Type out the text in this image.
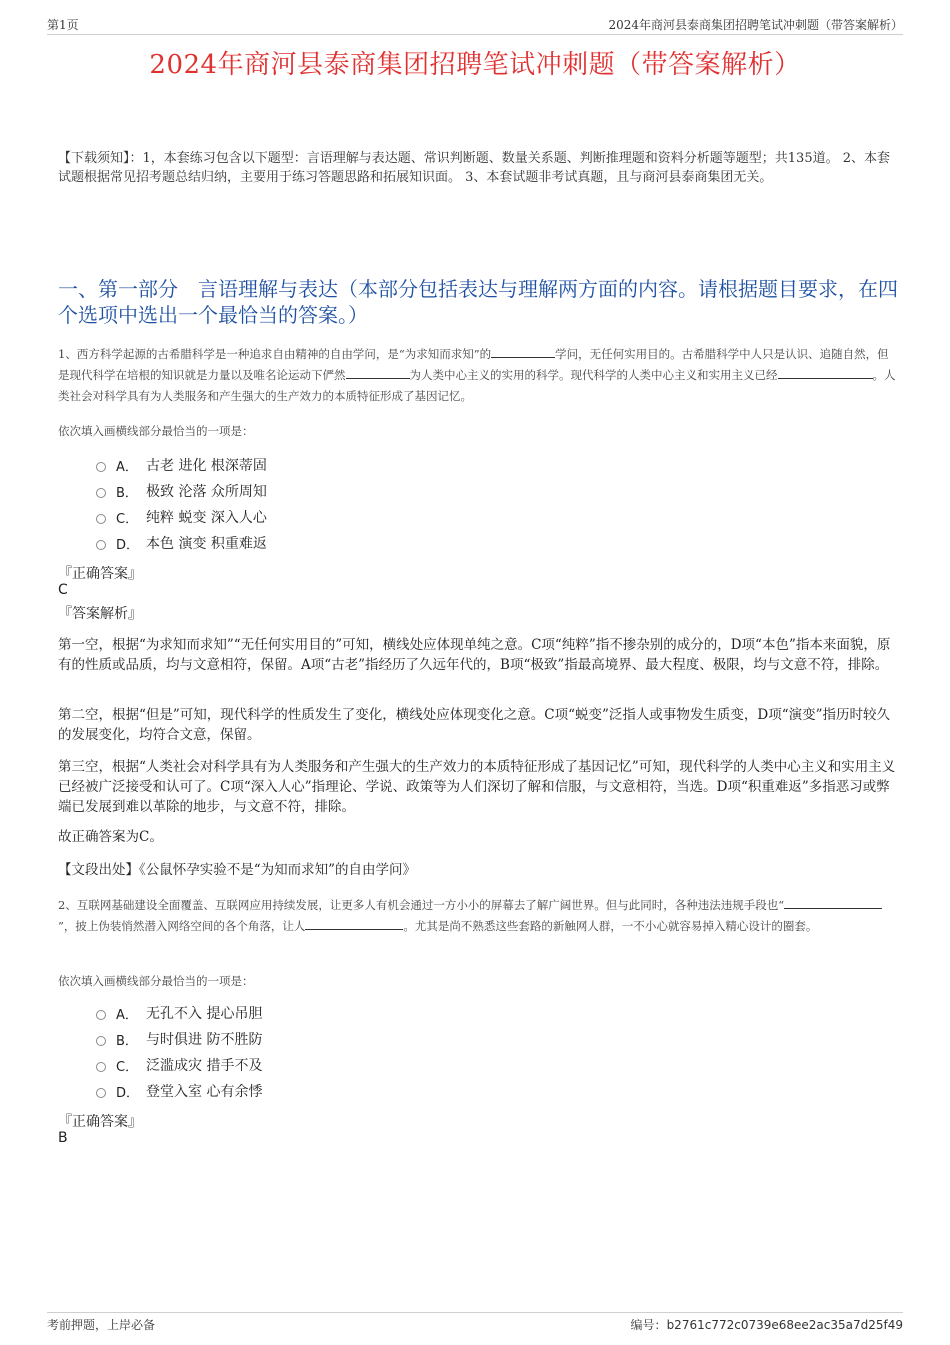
第1页	2024年商河县泰商集团招聘笔试冲刺题（带答案解析）
2024年商河县泰商集团招聘笔试冲刺题（带答案解析）
【下载须知】：1，本套练习包含以下题型：言语理解与表达题、常识判断题、数量关系题、判断推理题和资料分析题等题型；共135道。 2、本套试题根据常见招考题总结归纳，主要用于练习答题思路和拓展知识面。 3、本套试题非考试真题，且与商河县泰商集团无关。
一、第一部分　言语理解与表达（本部分包括表达与理解两方面的内容。请根据题目要求，在四个选项中选出一个最恰当的答案。）
1、西方科学起源的古希腊科学是一种追求自由精神的自由学问，是“为求知而求知”的	学问，无任何实用目的。古希腊科学中人只是认识、追随自然，但是现代科学在培根的知识就是力量以及唯名论运动下俨然	为人类中心主义的实用的科学。现代科学的人类中心主义和实用主义已经	。人类社会对科学具有为人类服务和产生强大的生产效力的本质特征形成了基因记忆。
依次填入画横线部分最恰当的一项是：
A． 古老 进化 根深蒂固
B． 极致 沦落 众所周知
C． 纯粹 蜕变 深入人心
D． 本色 演变 积重难返
『正确答案』
C
『答案解析』
第一空，根据“为求知而求知”“无任何实用目的”可知，横线处应体现单纯之意。C项“纯粹”指不掺杂别的成分的，D项“本色”指本来面貌，原有的性质或品质，均与文意相符，保留。A项“古老”指经历了久远年代的，B项“极致”指最高境界、最大程度、极限，均与文意不符，排除。
第二空，根据“但是”可知，现代科学的性质发生了变化，横线处应体现变化之意。C项“蜕变”泛指人或事物发生质变，D项“演变”指历时较久的发展变化，均符合文意，保留。
第三空，根据“人类社会对科学具有为人类服务和产生强大的生产效力的本质特征形成了基因记忆”可知，现代科学的人类中心主义和实用主义已经被广泛接受和认可了。C项“深入人心”指理论、学说、政策等为人们深切了解和信服，与文意相符，当选。D项“积重难返”多指恶习或弊端已发展到难以革除的地步，与文意不符，排除。
故正确答案为C。
【文段出处】《公鼠怀孕实验不是“为知而求知”的自由学问》
2、互联网基础建设全面覆盖、互联网应用持续发展，让更多人有机会通过一方小小的屏幕去了解广阔世界。但与此同时，各种违法违规手段也“”，披上伪装悄然潜入网络空间的各个角落，让人	。尤其是尚不熟悉这些套路的新触网人群，一不小心就容易掉入精心设计的圈套。
依次填入画横线部分最恰当的一项是：
A． 无孔不入 提心吊胆
B． 与时俱进 防不胜防
C． 泛滥成灾 措手不及
D． 登堂入室 心有余悸
『正确答案』
B
考前押题，上岸必备	编号：b2761c772c0739e68ee2ac35a7d25f49
